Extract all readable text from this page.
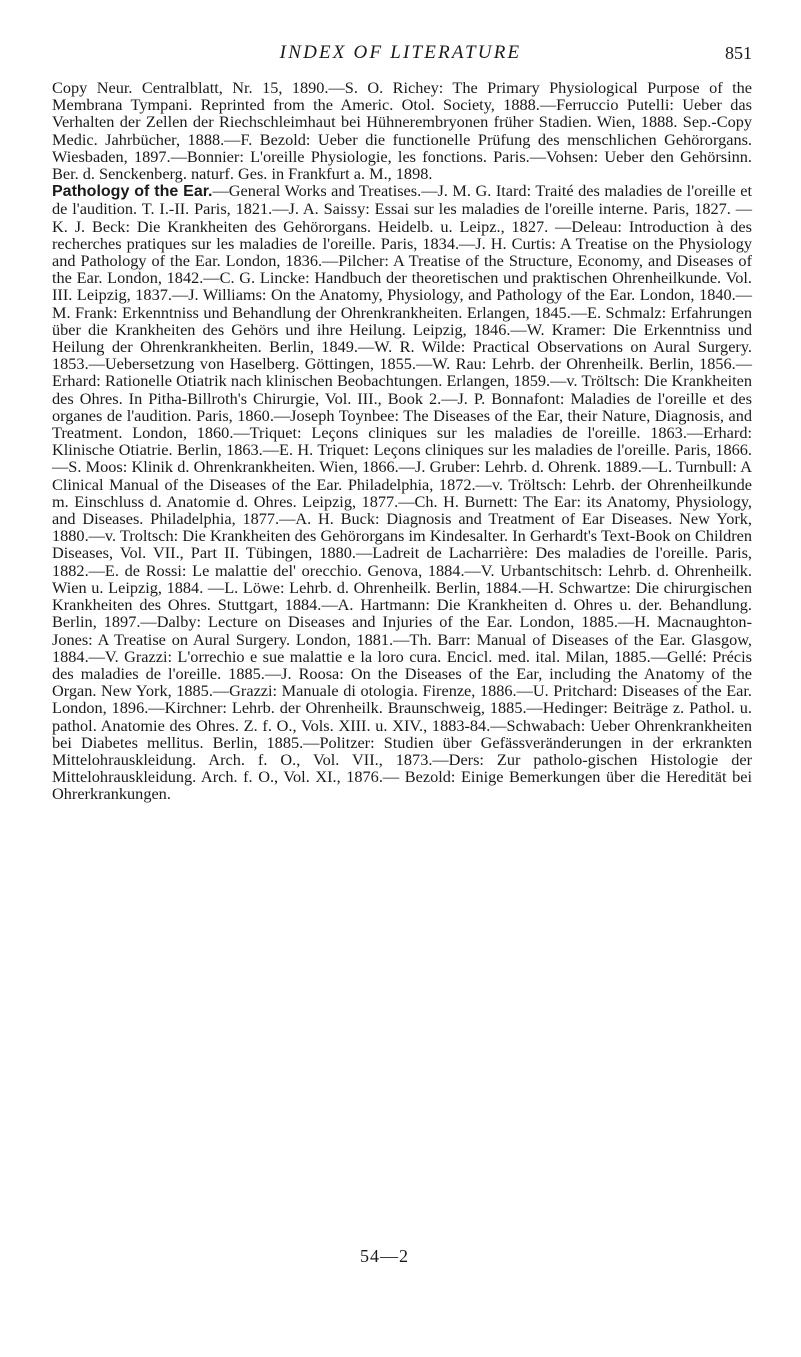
INDEX OF LITERATURE	851

Copy Neur. Centralblatt, Nr. 15, 1890.—S. O. Richey: The Primary Physiological Purpose of the Membrana Tympani. Reprinted from the Americ. Otol. Society, 1888.—Ferruccio Putelli: Ueber das Verhalten der Zellen der Riechschleimhaut bei Hühnerembryonen früher Stadien. Wien, 1888. Sep.-Copy Medic. Jahrbücher, 1888.—F. Bezold: Ueber die functionelle Prüfung des menschlichen Gehörorgans. Wiesbaden, 1897.—Bonnier: L'oreille Physiologie, les fonctions. Paris.—Vohsen: Ueber den Gehörsinn. Ber. d. Senckenberg. naturf. Ges. in Frankfurt a. M., 1898.

Pathology of the Ear.—General Works and Treatises.—J. M. G. Itard: Traité des maladies de l'oreille et de l'audition. T. I.-II. Paris, 1821.—J. A. Saissy: Essai sur les maladies de l'oreille interne. Paris, 1827. —K. J. Beck: Die Krankheiten des Gehörorgans. Heidelb. u. Leipz., 1827. —Deleau: Introduction à des recherches pratiques sur les maladies de l'oreille. Paris, 1834.—J. H. Curtis: A Treatise on the Physiology and Pathology of the Ear. London, 1836.—Pilcher: A Treatise of the Structure, Economy, and Diseases of the Ear. London, 1842.—C. G. Lincke: Handbuch der theoretischen und praktischen Ohrenheilkunde. Vol. III. Leipzig, 1837.—J. Williams: On the Anatomy, Physiology, and Pathology of the Ear. London, 1840.—M. Frank: Erkenntniss und Behandlung der Ohrenkrankheiten. Erlangen, 1845.—E. Schmalz: Erfahrungen über die Krankheiten des Gehörs und ihre Heilung. Leipzig, 1846.—W. Kramer: Die Erkenntniss und Heilung der Ohrenkrankheiten. Berlin, 1849.—W. R. Wilde: Practical Observations on Aural Surgery. 1853.—Uebersetzung von Haselberg. Göttingen, 1855.—W. Rau: Lehrb. der Ohrenheilk. Berlin, 1856.—Erhard: Rationelle Otiatrik nach klinischen Beobachtungen. Erlangen, 1859.—v. Tröltsch: Die Krankheiten des Ohres. In Pitha-Billroth's Chirurgie, Vol. III., Book 2.—J. P. Bonnafont: Maladies de l'oreille et des organes de l'audition. Paris, 1860.—Joseph Toynbee: The Diseases of the Ear, their Nature, Diagnosis, and Treatment. London, 1860.—Triquet: Leçons cliniques sur les maladies de l'oreille. 1863.—Erhard: Klinische Otiatrie. Berlin, 1863.—E. H. Triquet: Leçons cliniques sur les maladies de l'oreille. Paris, 1866.—S. Moos: Klinik d. Ohrenkrankheiten. Wien, 1866.—J. Gruber: Lehrb. d. Ohrenk. 1889.—L. Turnbull: A Clinical Manual of the Diseases of the Ear. Philadelphia, 1872.—v. Tröltsch: Lehrb. der Ohrenheilkunde m. Einschluss d. Anatomie d. Ohres. Leipzig, 1877.—Ch. H. Burnett: The Ear: its Anatomy, Physiology, and Diseases. Philadelphia, 1877.—A. H. Buck: Diagnosis and Treatment of Ear Diseases. New York, 1880.—v. Troltsch: Die Krankheiten des Gehörorgans im Kindesalter. In Gerhardt's Text-Book on Children Diseases, Vol. VII., Part II. Tübingen, 1880.—Ladreit de Lacharrière: Des maladies de l'oreille. Paris, 1882.—E. de Rossi: Le malattie del' orecchio. Genova, 1884.—V. Urbantschitsch: Lehrb. d. Ohrenheilk. Wien u. Leipzig, 1884. —L. Löwe: Lehrb. d. Ohrenheilk. Berlin, 1884.—H. Schwartze: Die chirurgischen Krankheiten des Ohres. Stuttgart, 1884.—A. Hartmann: Die Krankheiten d. Ohres u. der. Behandlung. Berlin, 1897.—Dalby: Lecture on Diseases and Injuries of the Ear. London, 1885.—H. Macnaughton-Jones: A Treatise on Aural Surgery. London, 1881.—Th. Barr: Manual of Diseases of the Ear. Glasgow, 1884.—V. Grazzi: L'orrechio e sue malattie e la loro cura. Encicl. med. ital. Milan, 1885.—Gellé: Précis des maladies de l'oreille. 1885.—J. Roosa: On the Diseases of the Ear, including the Anatomy of the Organ. New York, 1885.—Grazzi: Manuale di otologia. Firenze, 1886.—U. Pritchard: Diseases of the Ear. London, 1896.—Kirchner: Lehrb. der Ohrenheilk. Braunschweig, 1885.—Hedinger: Beiträge z. Pathol. u. pathol. Anatomie des Ohres. Z. f. O., Vols. XIII. u. XIV., 1883-84.—Schwabach: Ueber Ohrenkrankheiten bei Diabetes mellitus. Berlin, 1885.—Politzer: Studien über Gefässveränderungen in der erkrankten Mittelohrauskleidung. Arch. f. O., Vol. VII., 1873.—Ders: Zur patholo-gischen Histologie der Mittelohrauskleidung. Arch. f. O., Vol. XI., 1876.— Bezold: Einige Bemerkungen über die Heredität bei Ohrerkrankungen.

54—2
